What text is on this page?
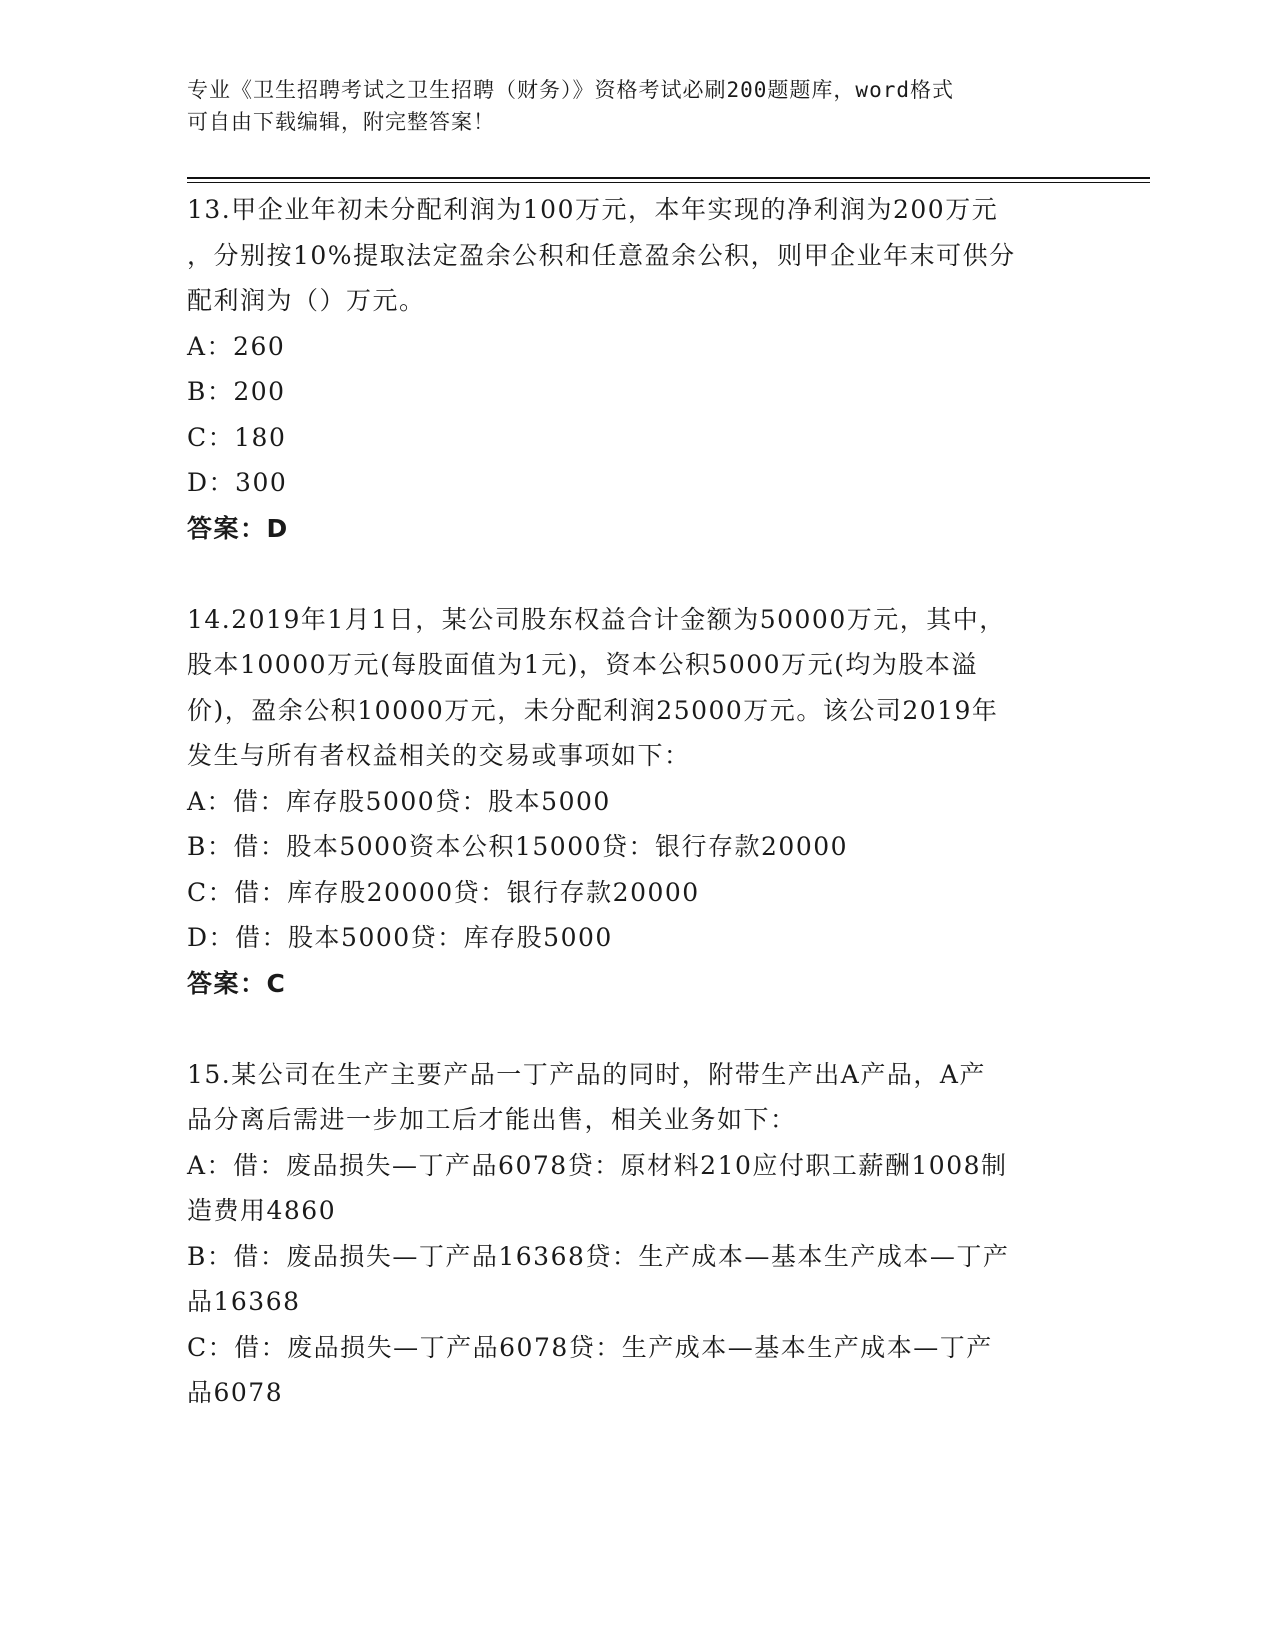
专业《卫生招聘考试之卫生招聘（财务）》资格考试必刷200题题库，word格式
可自由下载编辑，附完整答案！
13.甲企业年初未分配利润为100万元，本年实现的净利润为200万元
，分别按10%提取法定盈余公积和任意盈余公积，则甲企业年末可供分
配利润为（）万元。
A：260
B：200
C：180
D：300
答案：D
14.2019年1月1日，某公司股东权益合计金额为50000万元，其中，
股本10000万元(每股面值为1元)，资本公积5000万元(均为股本溢
价)，盈余公积10000万元，未分配利润25000万元。该公司2019年
发生与所有者权益相关的交易或事项如下：
A：借：库存股5000贷：股本5000
B：借：股本5000资本公积15000贷：银行存款20000
C：借：库存股20000贷：银行存款20000
D：借：股本5000贷：库存股5000
答案：C
15.某公司在生产主要产品一丁产品的同时，附带生产出A产品，A产
品分离后需进一步加工后才能出售，相关业务如下：
A：借：废品损失—丁产品6078贷：原材料210应付职工薪酬1008制
造费用4860
B：借：废品损失—丁产品16368贷：生产成本—基本生产成本—丁产
品16368
C：借：废品损失—丁产品6078贷：生产成本—基本生产成本—丁产
品6078
